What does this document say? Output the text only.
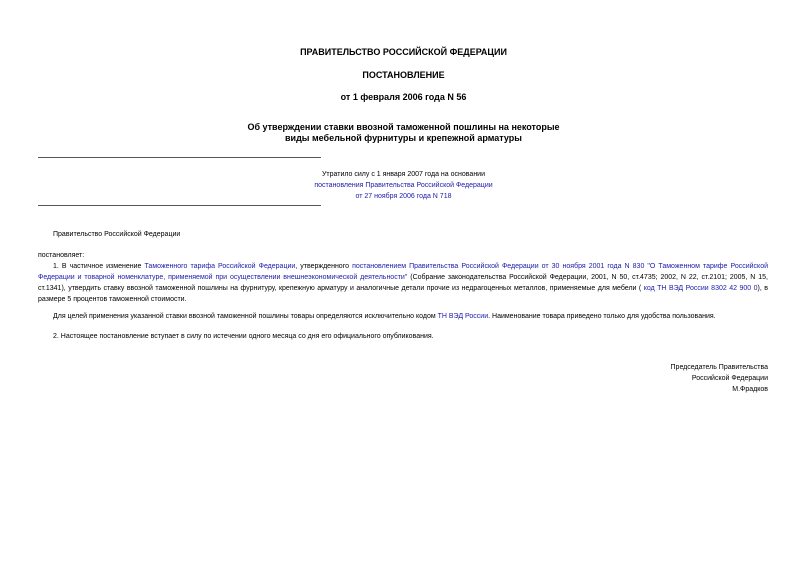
ПРАВИТЕЛЬСТВО РОССИЙСКОЙ ФЕДЕРАЦИИ
ПОСТАНОВЛЕНИЕ
от 1 февраля 2006 года N 56
Об утверждении ставки ввозной таможенной пошлины на некоторые
виды мебельной фурнитуры и крепежной арматуры
Утратило силу с 1 января 2007 года на основании
постановления Правительства Российской Федерации
от 27 ноября 2006 года N 718
Правительство Российской Федерации
постановляет:
1. В частичное изменение Таможенного тарифа Российской Федерации, утвержденного постановлением Правительства Российской Федерации от 30 ноября 2001 года N 830 "О Таможенном тарифе Российской Федерации и товарной номенклатуре, применяемой при осуществлении внешнеэкономической деятельности" (Собрание законодательства Российской Федерации, 2001, N 50, ст.4735; 2002, N 22, ст.2101; 2005, N 15, ст.1341), утвердить ставку ввозной таможенной пошлины на фурнитуру, крепежную арматуру и аналогичные детали прочие из недрагоценных металлов, применяемые для мебели ( код ТН ВЭД России 8302 42 900 0), в размере 5 процентов таможенной стоимости.
Для целей применения указанной ставки ввозной таможенной пошлины товары определяются исключительно кодом ТН ВЭД России. Наименование товара приведено только для удобства пользования.
2. Настоящее постановление вступает в силу по истечении одного месяца со дня его официального опубликования.
Председатель Правительства
Российской Федерации
М.Фрадков
